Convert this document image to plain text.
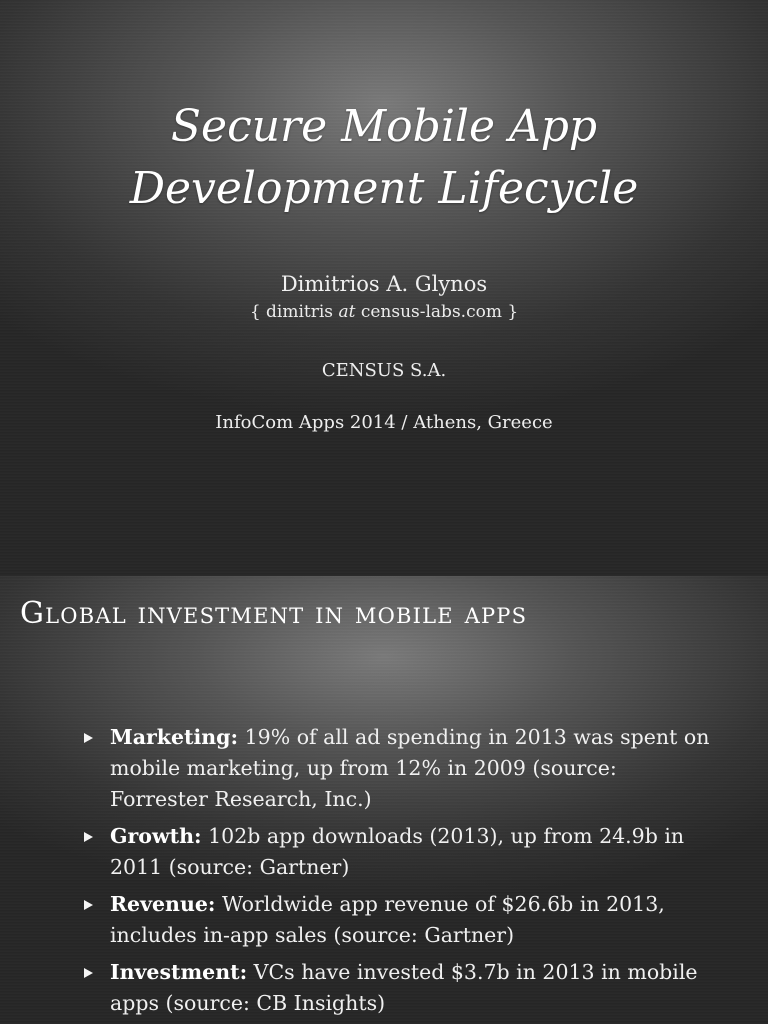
Secure Mobile App
Development Lifecycle
Dimitrios A. Glynos
{ dimitris at census-labs.com }
CENSUS S.A.
InfoCom Apps 2014 / Athens, Greece
Global investment in mobile apps
Marketing: 19% of all ad spending in 2013 was spent on mobile marketing, up from 12% in 2009 (source: Forrester Research, Inc.)
Growth: 102b app downloads (2013), up from 24.9b in 2011 (source: Gartner)
Revenue: Worldwide app revenue of $26.6b in 2013, includes in-app sales (source: Gartner)
Investment: VCs have invested $3.7b in 2013 in mobile apps (source: CB Insights)
